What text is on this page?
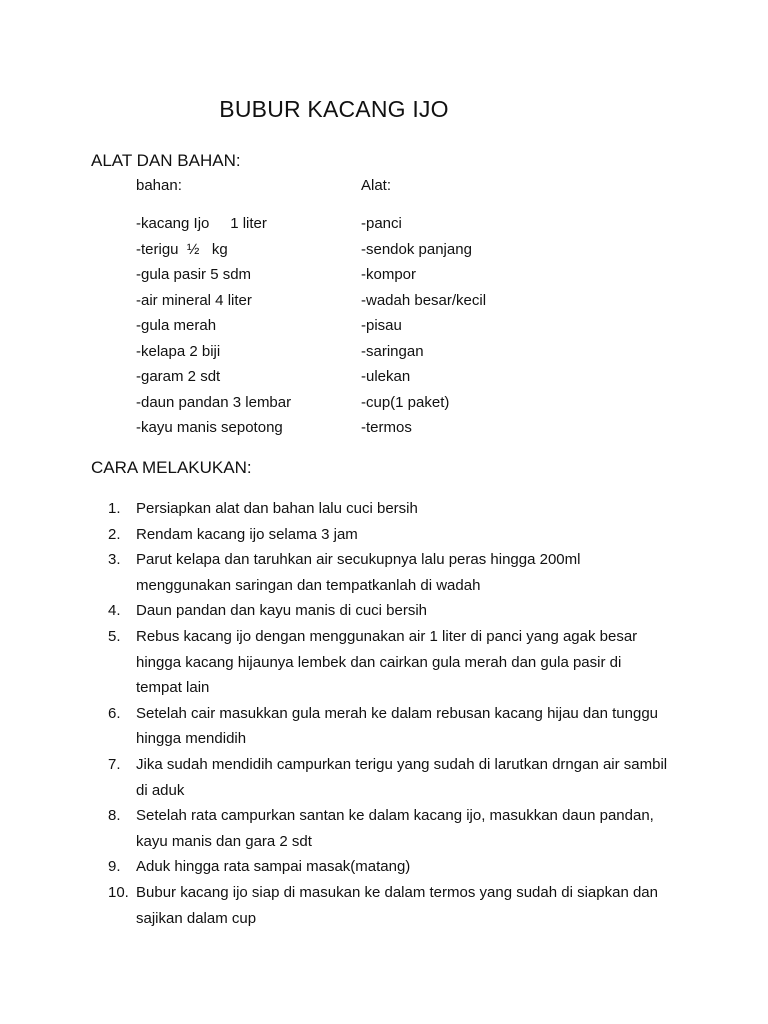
BUBUR KACANG IJO
ALAT DAN BAHAN:
bahan:	Alat:
-kacang Ijo     1 liter
-terigu  ½   kg
-gula pasir 5 sdm
-air mineral 4 liter
-gula merah
-kelapa 2 biji
-garam 2 sdt
-daun pandan 3 lembar
-kayu manis sepotong
-panci
-sendok panjang
-kompor
-wadah besar/kecil
-pisau
-saringan
-ulekan
-cup(1 paket)
-termos
CARA MELAKUKAN:
1. Persiapkan alat dan bahan lalu cuci bersih
2. Rendam kacang ijo selama 3 jam
3. Parut kelapa dan taruhkan air secukupnya lalu peras hingga 200ml menggunakan saringan dan tempatkanlah di wadah
4. Daun pandan dan kayu manis di cuci bersih
5. Rebus kacang ijo dengan menggunakan air 1 liter di panci yang agak besar hingga kacang hijaunya lembek dan cairkan gula merah dan gula pasir di tempat lain
6. Setelah cair masukkan gula merah ke dalam rebusan kacang hijau dan tunggu hingga mendidih
7. Jika sudah mendidih campurkan terigu yang sudah di larutkan drngan air sambil di aduk
8. Setelah rata campurkan santan ke dalam kacang ijo, masukkan daun pandan, kayu manis dan gara 2 sdt
9. Aduk hingga rata sampai masak(matang)
10. Bubur kacang ijo siap di masukan ke dalam termos yang sudah di siapkan dan sajikan dalam cup
